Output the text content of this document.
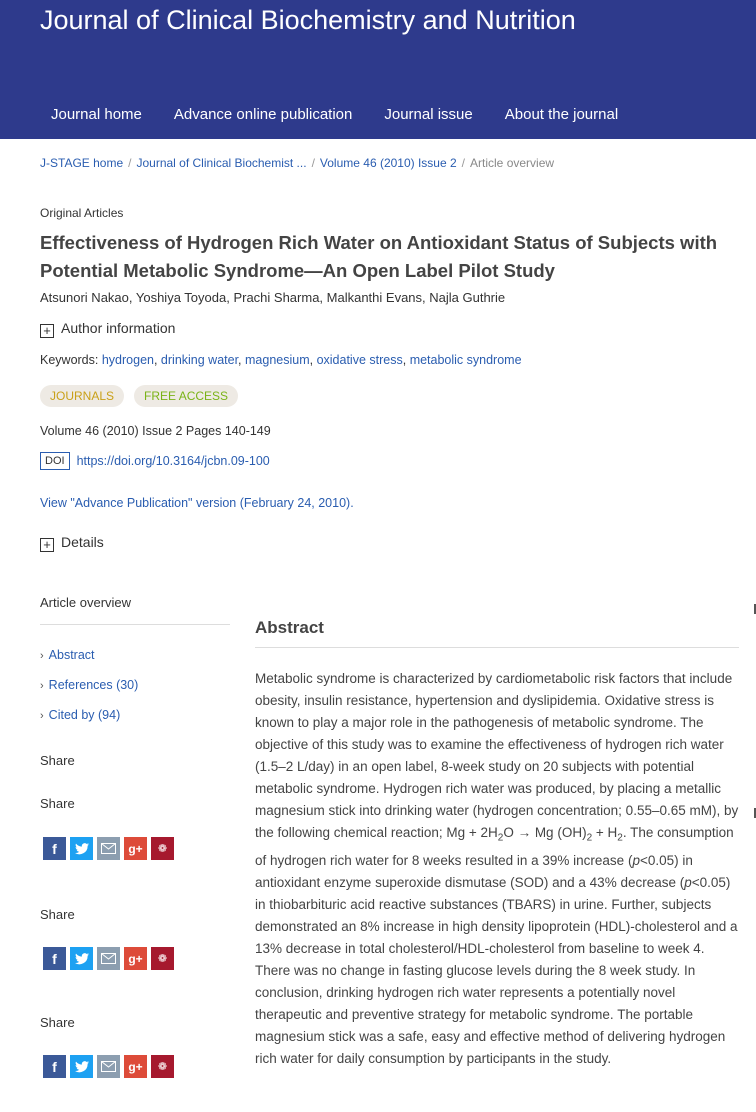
Journal of Clinical Biochemistry and Nutrition
Journal home	Advance online publication	Journal issue	About the journal
J-STAGE home / Journal of Clinical Biochemist ... / Volume 46 (2010) Issue 2 / Article overview
Original Articles
Effectiveness of Hydrogen Rich Water on Antioxidant Status of Subjects with Potential Metabolic Syndrome—An Open Label Pilot Study
Atsunori Nakao, Yoshiya Toyoda, Prachi Sharma, Malkanthi Evans, Najla Guthrie
+ Author information
Keywords: hydrogen, drinking water, magnesium, oxidative stress, metabolic syndrome
JOURNALS	FREE ACCESS
Volume 46 (2010) Issue 2 Pages 140-149
DOI https://doi.org/10.3164/jcbn.09-100
View "Advance Publication" version (February 24, 2010).
+ Details
Article overview
› Abstract
› References (30)
› Cited by (94)
Share
Share
f	g+	❁
Share
f	g+	❁
Share
f	g+	❁
Abstract
Metabolic syndrome is characterized by cardiometabolic risk factors that include obesity, insulin resistance, hypertension and dyslipidemia. Oxidative stress is known to play a major role in the pathogenesis of metabolic syndrome. The objective of this study was to examine the effectiveness of hydrogen rich water (1.5–2 L/day) in an open label, 8-week study on 20 subjects with potential metabolic syndrome. Hydrogen rich water was produced, by placing a metallic magnesium stick into drinking water (hydrogen concentration; 0.55–0.65 mM), by the following chemical reaction; $Mg + 2H_2O \to Mg$ $(OH)_2 + H_2$. The consumption of hydrogen rich water for 8 weeks resulted in a 39% increase (p<0.05) in antioxidant enzyme superoxide dismutase (SOD) and a 43% decrease (p<0.05) in thiobarbituric acid reactive substances (TBARS) in urine. Further, subjects demonstrated an 8% increase in high density lipoprotein (HDL)-cholesterol and a 13% decrease in total cholesterol/HDL-cholesterol from baseline to week 4. There was no change in fasting glucose levels during the 8 week study. In conclusion, drinking hydrogen rich water represents a potentially novel therapeutic and preventive strategy for metabolic syndrome. The portable magnesium stick was a safe, easy and effective method of delivering hydrogen rich water for daily consumption by participants in the study.
